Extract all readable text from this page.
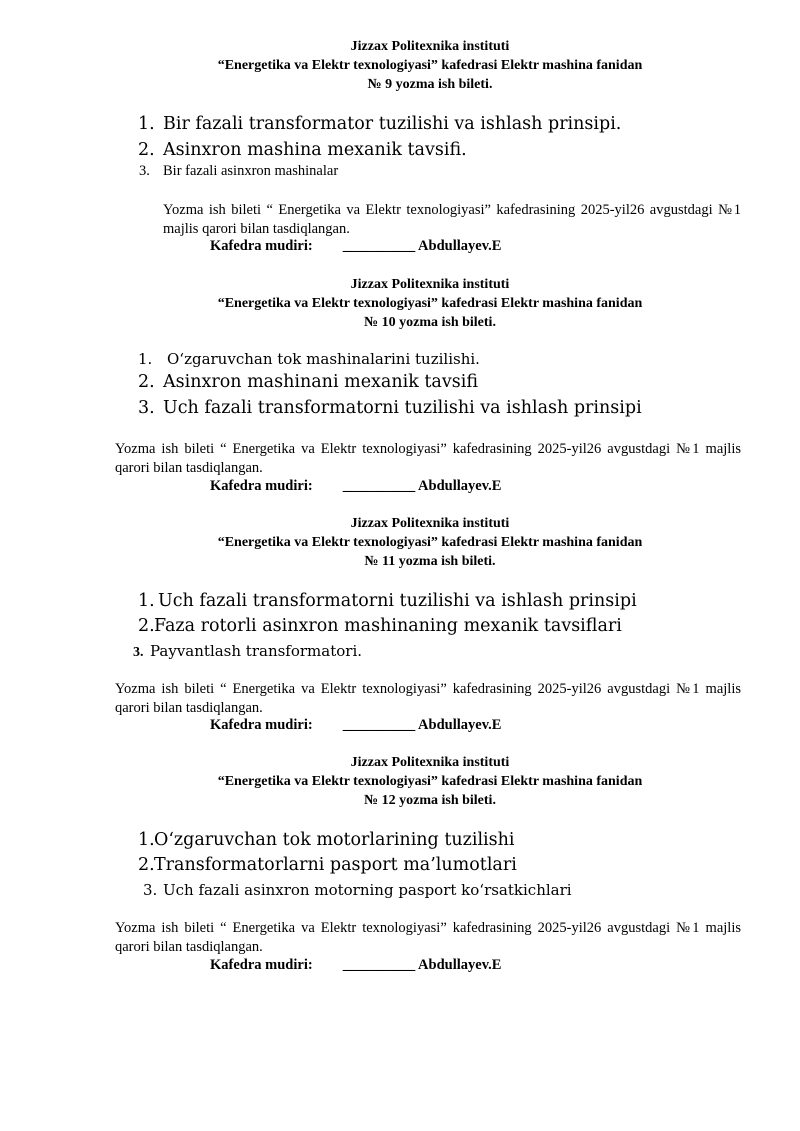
Jizzax Politexnika instituti
“Energetika va Elektr texnologiyasi” kafedrasi Elektr mashina fanidan
№ 9 yozma ish bileti.
1. Bir fazali transformator tuzilishi va ishlash prinsipi.
2. Asinxron mashina mexanik tavsifi.
3. Bir fazali asinxron mashinalar
Yozma ish bileti “ Energetika va Elektr texnologiyasi” kafedrasining 2025-yil26 avgustdagi №1 majlis qarori bilan tasdiqlangan.
Kafedra mudiri: __________ Abdullayev.E
Jizzax Politexnika instituti
“Energetika va Elektr texnologiyasi” kafedrasi Elektr mashina fanidan
№ 10 yozma ish bileti.
1. O‘zgaruvchan tok mashinalarini tuzilishi.
2. Asinxron mashinani mexanik tavsifi
3. Uch fazali transformatorni tuzilishi va ishlash prinsipi
Yozma ish bileti “ Energetika va Elektr texnologiyasi” kafedrasining 2025-yil26 avgustdagi №1 majlis qarori bilan tasdiqlangan.
Kafedra mudiri: __________ Abdullayev.E
Jizzax Politexnika instituti
“Energetika va Elektr texnologiyasi” kafedrasi Elektr mashina fanidan
№ 11 yozma ish bileti.
1. Uch fazali transformatorni tuzilishi va ishlash prinsipi
2.Faza rotorli asinxron mashinaning mexanik tavsiflari
3. Payvantlash transformatori.
Yozma ish bileti “ Energetika va Elektr texnologiyasi” kafedrasining 2025-yil26 avgustdagi №1 majlis qarori bilan tasdiqlangan.
Kafedra mudiri: __________ Abdullayev.E
Jizzax Politexnika instituti
“Energetika va Elektr texnologiyasi” kafedrasi Elektr mashina fanidan
№ 12 yozma ish bileti.
1.O‘zgaruvchan tok motorlarining tuzilishi
2.Transformatorlarni pasport ma’lumotlari
3. Uch fazali asinxron motorning pasport ko‘rsatkichlari
Yozma ish bileti “ Energetika va Elektr texnologiyasi” kafedrasining 2025-yil26 avgustdagi №1 majlis qarori bilan tasdiqlangan.
Kafedra mudiri: __________ Abdullayev.E
